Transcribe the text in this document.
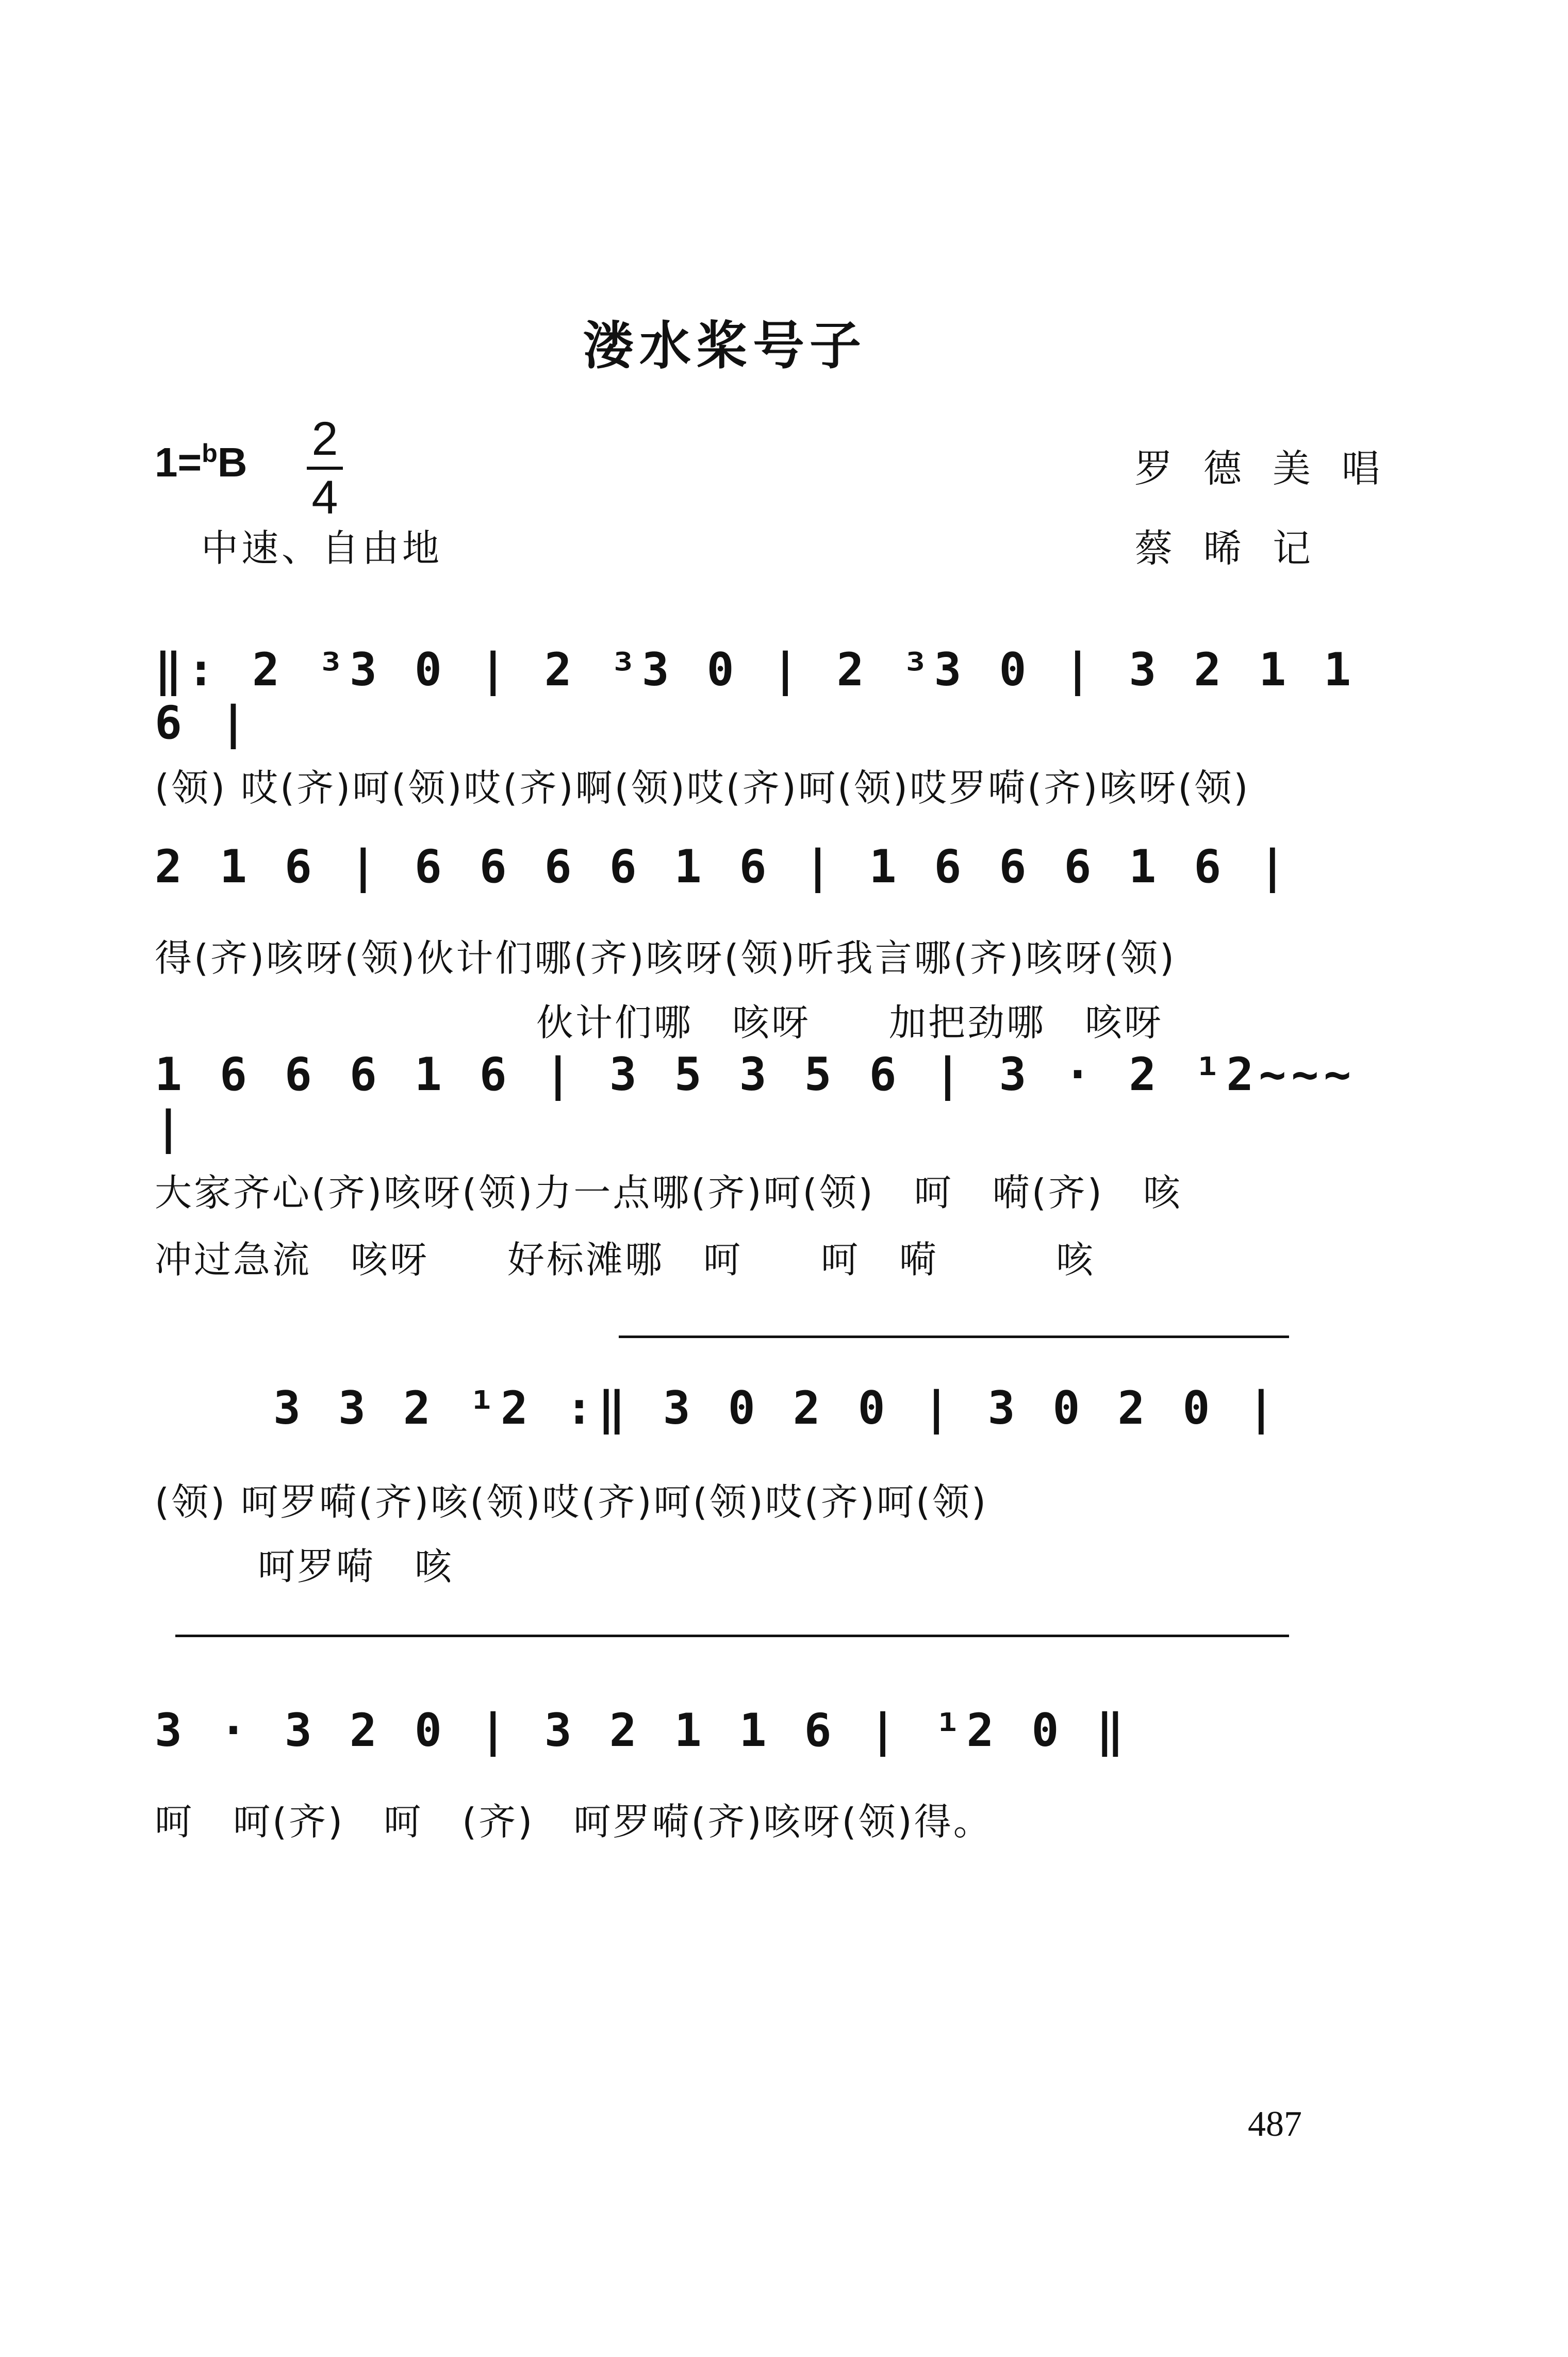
溇水桨号子
1=$^b$B 2
4
中速、自由地
罗德美唱
蔡晞记
‖: 2 ³3 0 | 2 ³3 0 | 2 ³3 0 | 3 2 1 1 6 |
(领) 哎(齐)呵(领)哎(齐)啊(领)哎(齐)呵(领)哎罗嗬(齐)咳呀(领)
2 1 6 | 6 6 6 6 1 6 | 1 6 6 6 1 6 |
得(齐)咳呀(领)伙计们哪(齐)咳呀(领)听我言哪(齐)咳呀(领)
伙计们哪　咳呀　　加把劲哪　咳呀
1 6 6 6 1 6 | 3 5 3 5 6 | 3 · 2 ¹2~~~ |
大家齐心(齐)咳呀(领)力一点哪(齐)呵(领)　呵　嗬(齐)　咳
冲过急流　咳呀　　好标滩哪　呵　　呵　嗬　　　咳
3 3 2 ¹2 :‖ 3 0 2 0 | 3 0 2 0 |
(领) 呵罗嗬(齐)咳(领)哎(齐)呵(领)哎(齐)呵(领)
呵罗嗬　咳
3 · 3 2 0 | 3 2 1 1 6 | ¹2 0 ‖
呵　呵(齐)　呵　(齐)　呵罗嗬(齐)咳呀(领)得。
487
